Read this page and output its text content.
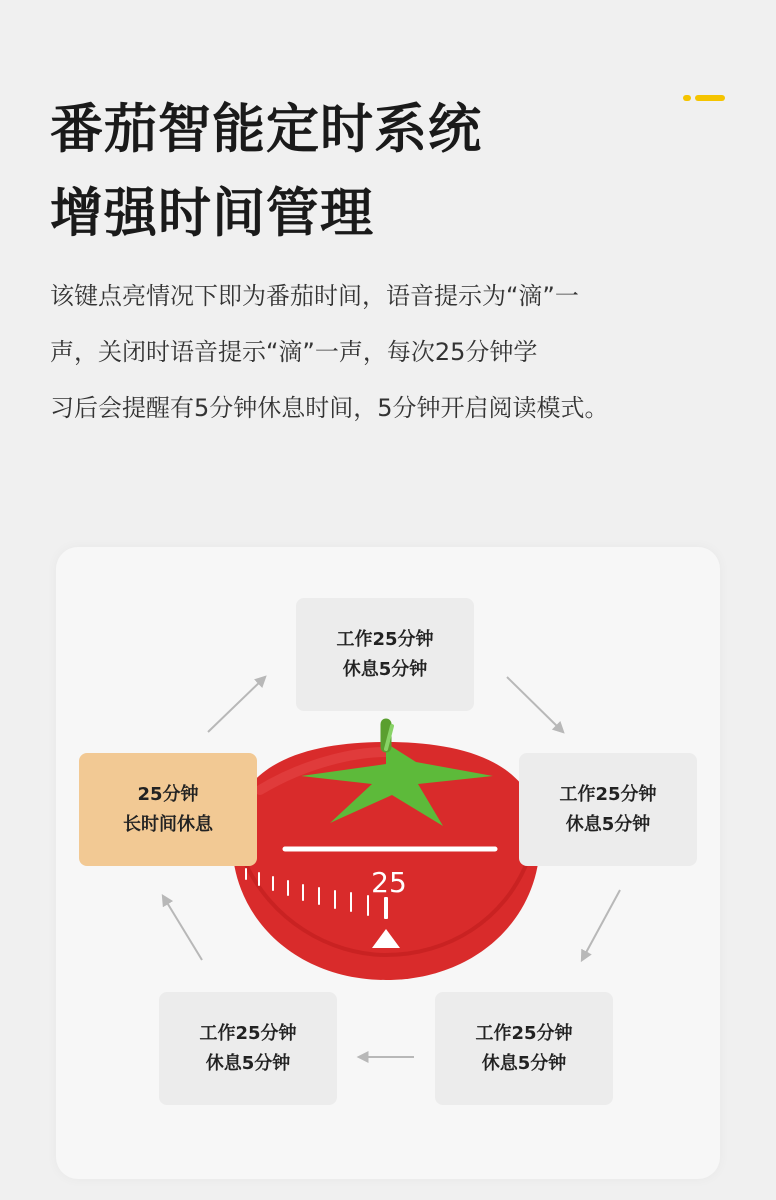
番茄智能定时系统
增强时间管理

该键点亮情况下即为番茄时间，语音提示为“滴”一
声，关闭时语音提示“滴”一声，每次25分钟学
习后会提醒有5分钟休息时间，5分钟开启阅读模式。

25
工作25分钟
休息5分钟
工作25分钟
休息5分钟
工作25分钟
休息5分钟
工作25分钟
休息5分钟
25分钟
长时间休息
